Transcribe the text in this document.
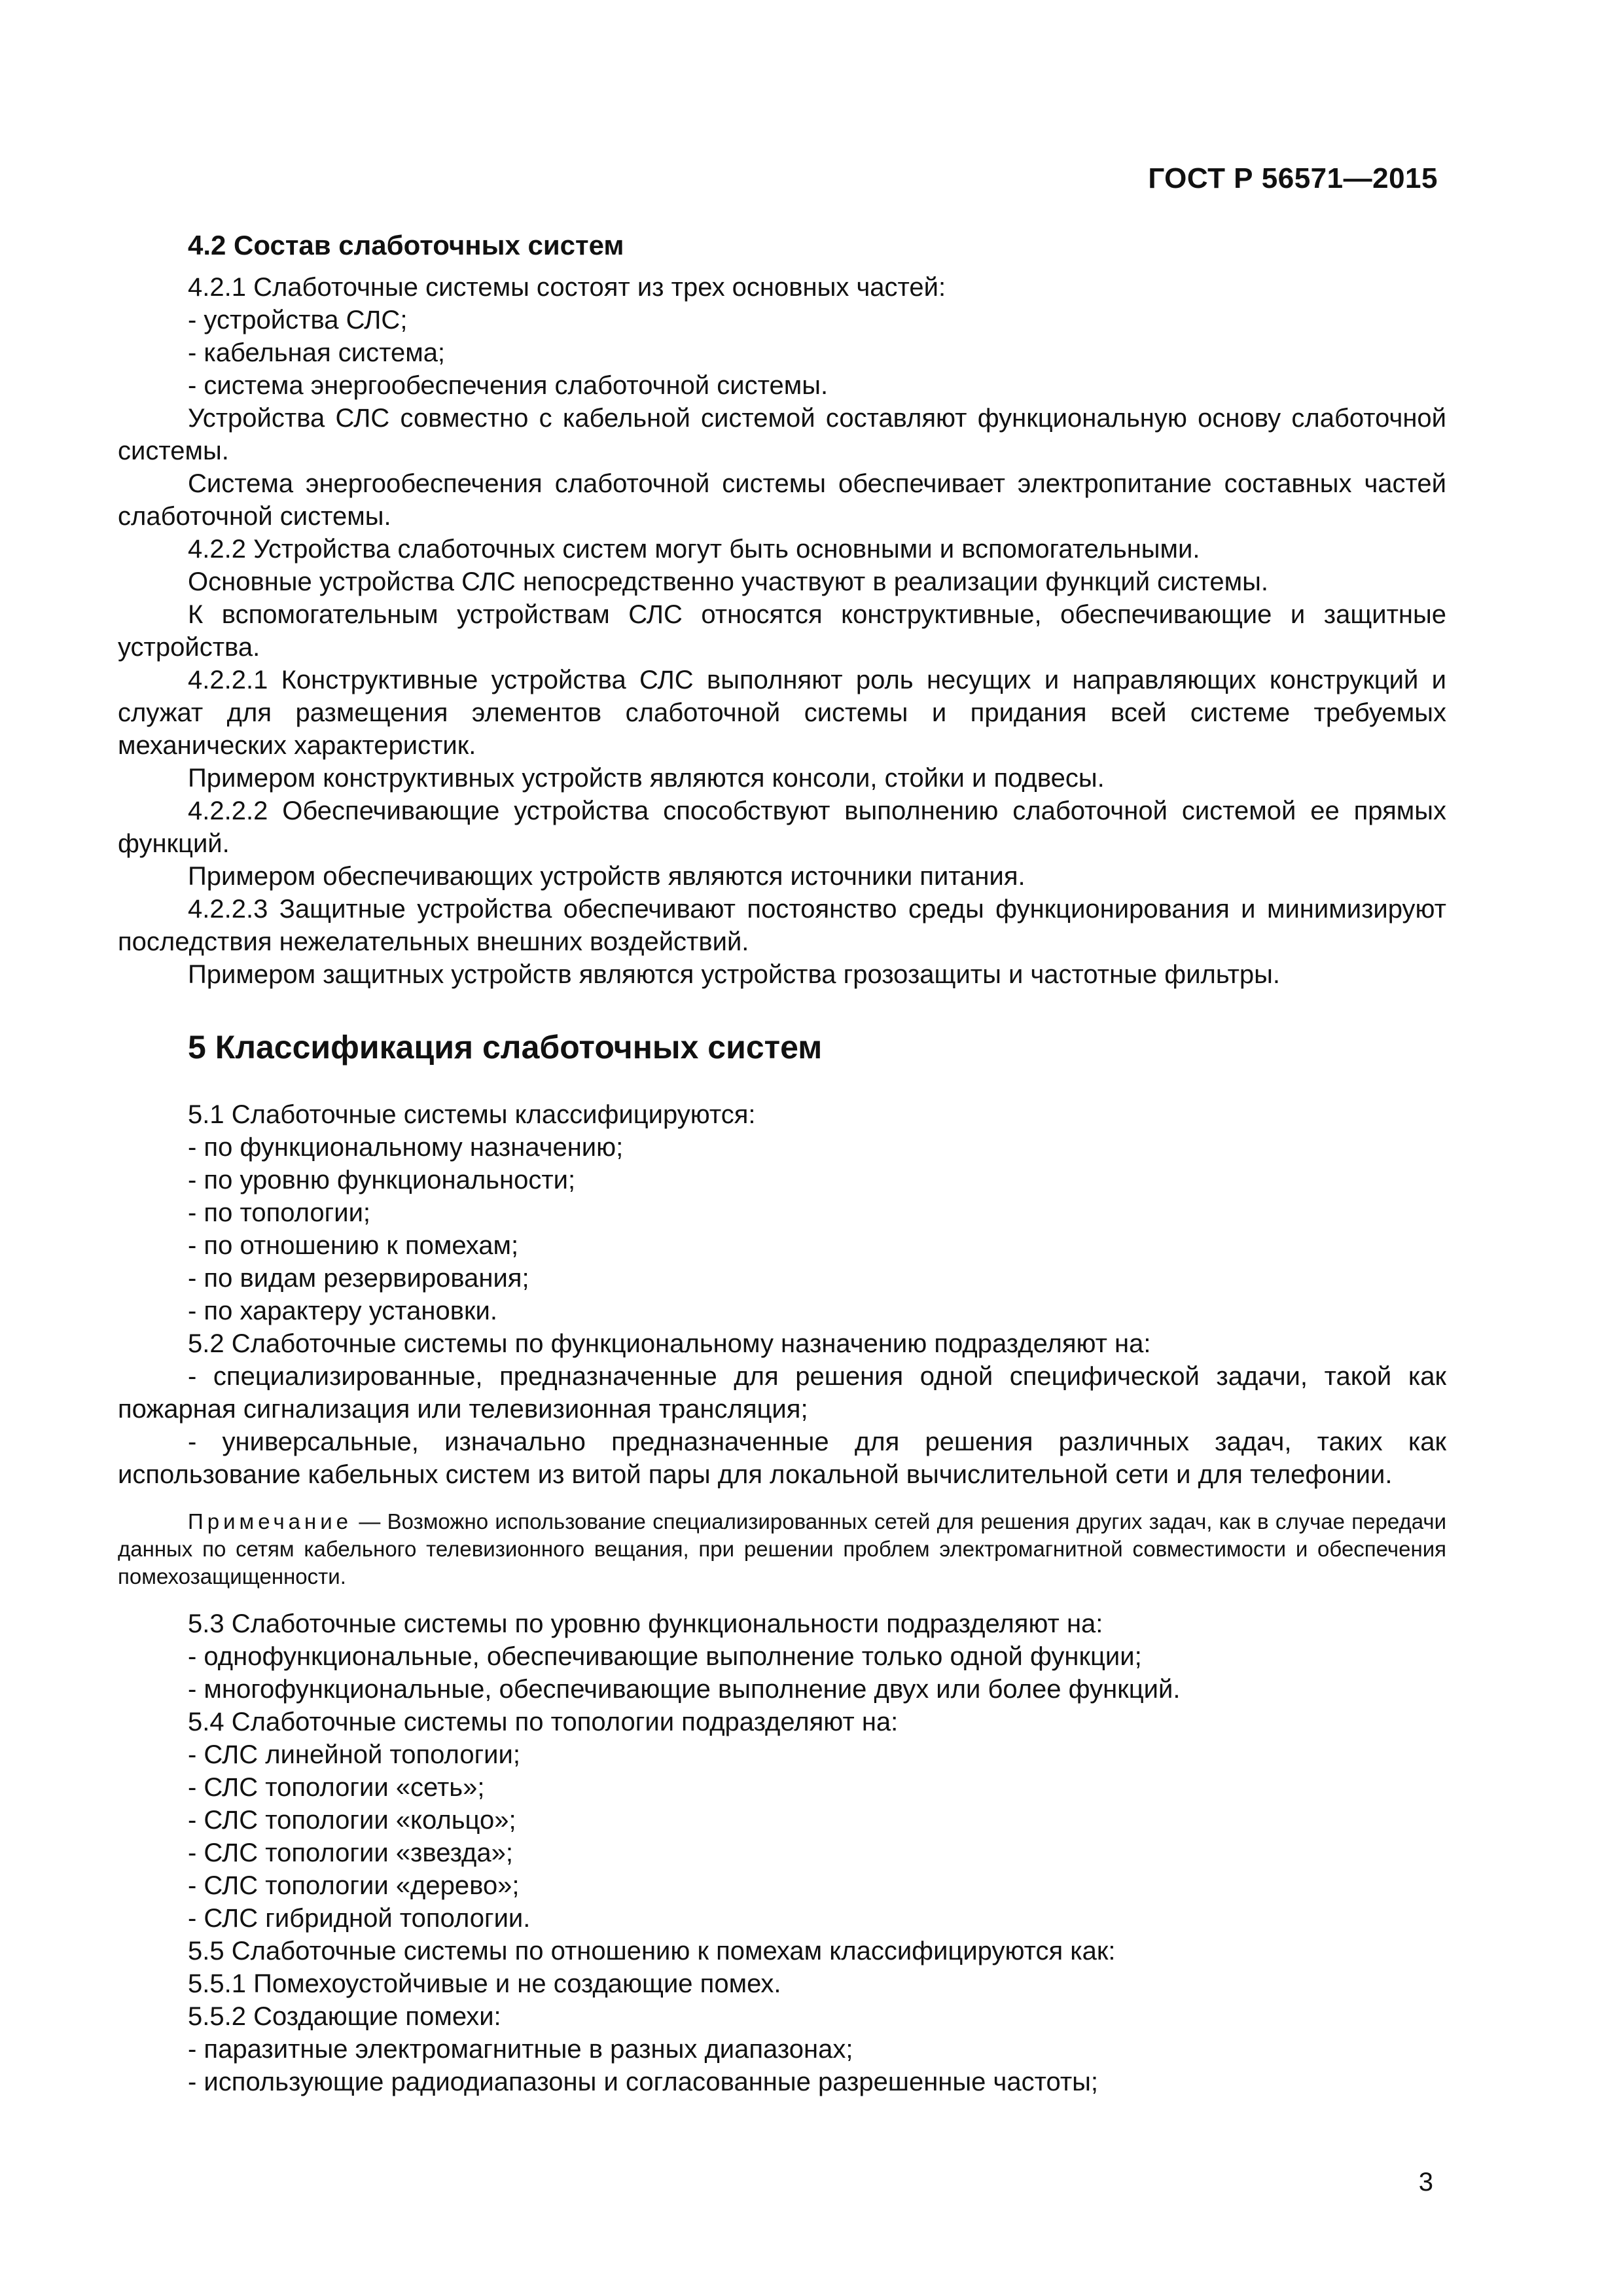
ГОСТ Р 56571—2015

4.2 Состав слаботочных систем

4.2.1 Слаботочные системы состоят из трех основных частей:

- устройства СЛС;

- кабельная система;

- система энергообеспечения слаботочной системы.

Устройства СЛС совместно с кабельной системой составляют функциональную основу слаботочной системы.

Система энергообеспечения слаботочной системы обеспечивает электропитание составных частей слаботочной системы.

4.2.2 Устройства слаботочных систем могут быть основными и вспомогательными.

Основные устройства СЛС непосредственно участвуют в реализации функций системы.

К вспомогательным устройствам СЛС относятся конструктивные, обеспечивающие и защитные устройства.

4.2.2.1 Конструктивные устройства СЛС выполняют роль несущих и направляющих конструкций и служат для размещения элементов слаботочной системы и придания всей системе требуемых механических характеристик.

Примером конструктивных устройств являются консоли, стойки и подвесы.

4.2.2.2 Обеспечивающие устройства способствуют выполнению слаботочной системой ее прямых функций.

Примером обеспечивающих устройств являются источники питания.

4.2.2.3 Защитные устройства обеспечивают постоянство среды функционирования и минимизируют последствия нежелательных внешних воздействий.

Примером защитных устройств являются устройства грозозащиты и частотные фильтры.

5 Классификация слаботочных систем

5.1 Слаботочные системы классифицируются:

- по функциональному назначению;

- по уровню функциональности;

- по топологии;

- по отношению к помехам;

- по видам резервирования;

- по характеру установки.

5.2 Слаботочные системы по функциональному назначению подразделяют на:

- специализированные, предназначенные для решения одной специфической задачи, такой как пожарная сигнализация или телевизионная трансляция;

- универсальные, изначально предназначенные для решения различных задач, таких как использование кабельных систем из витой пары для локальной вычислительной сети и для телефонии.

Примечание — Возможно использование специализированных сетей для решения других задач, как в случае передачи данных по сетям кабельного телевизионного вещания, при решении проблем электромагнитной совместимости и обеспечения помехозащищенности.

5.3 Слаботочные системы по уровню функциональности подразделяют на:

- однофункциональные, обеспечивающие выполнение только одной функции;

- многофункциональные, обеспечивающие выполнение двух или более функций.

5.4 Слаботочные системы по топологии подразделяют на:

- СЛС линейной топологии;

- СЛС топологии «сеть»;

- СЛС топологии «кольцо»;

- СЛС топологии «звезда»;

- СЛС топологии «дерево»;

- СЛС гибридной топологии.

5.5 Слаботочные системы по отношению к помехам классифицируются как:

5.5.1 Помехоустойчивые и не создающие помех.

5.5.2 Создающие помехи:

- паразитные электромагнитные в разных диапазонах;

- использующие радиодиапазоны и согласованные разрешенные частоты;

3
